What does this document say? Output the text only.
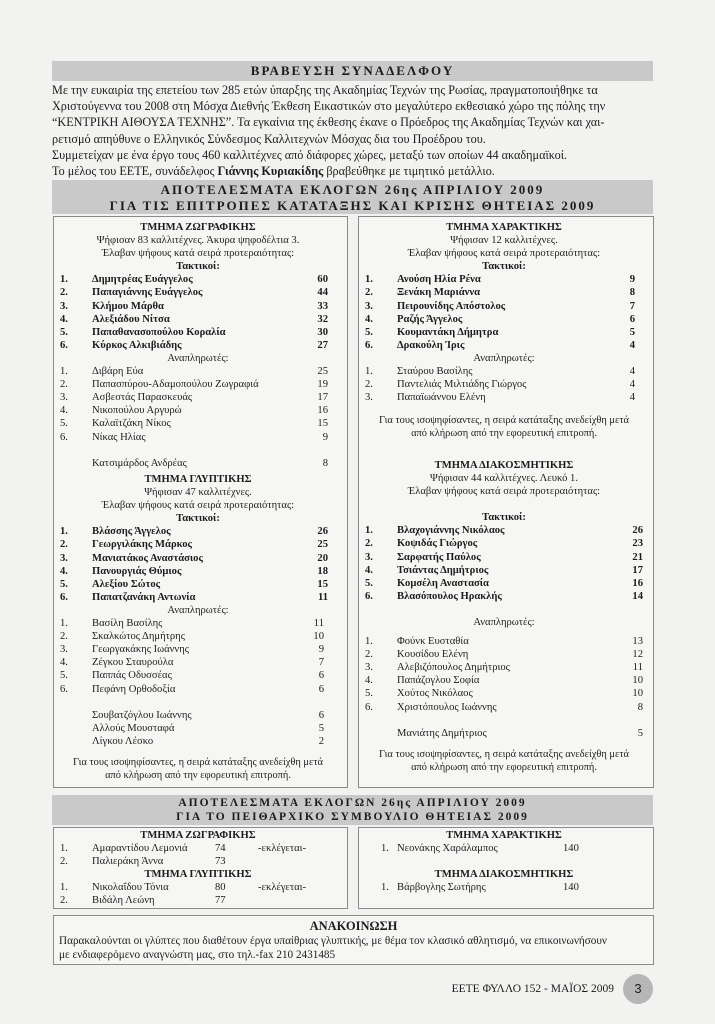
ΒΡΑΒΕΥΣΗ ΣΥΝΑΔΕΛΦΟΥ
Με την ευκαιρία της επετείου των 285 ετών ύπαρξης της Ακαδημίας Τεχνών της Ρωσίας, πραγματοποιήθηκε τα
Χριστούγεννα του 2008 στη Μόσχα Διεθνής Έκθεση Εικαστικών στο μεγαλύτερο εκθεσιακό χώρο της πόλης την
“ΚΕΝΤΡΙΚΗ ΑΙΘΟΥΣΑ ΤΕΧΝΗΣ”. Τα εγκαίνια της έκθεσης έκανε ο Πρόεδρος της Ακαδημίας Τεχνών και χαι-
ρετισμό απηύθυνε ο Ελληνικός Σύνδεσμος Καλλιτεχνών Μόσχας δια του Προέδρου του.
Συμμετείχαν με ένα έργο τους 460 καλλιτέχνες από διάφορες χώρες, μεταξύ των οποίων 44 ακαδημαϊκοί.
Το μέλος του ΕΕΤΕ, συνάδελφος Γιάννης Κυριακίδης βραβεύθηκε με τιμητικό μετάλλιο.
ΑΠΟΤΕΛΕΣΜΑΤΑ ΕΚΛΟΓΩΝ 26ης ΑΠΡΙΛΙΟΥ 2009
ΓΙΑ ΤΙΣ ΕΠΙΤΡΟΠΕΣ ΚΑΤΑΤΑΞΗΣ ΚΑΙ ΚΡΙΣΗΣ ΘΗΤΕΙΑΣ 2009
ΤΜΗΜΑ ΖΩΓΡΑΦΙΚΗΣ
Ψήφισαν 83 καλλιτέχνες. Άκυρα ψηφοδέλτια 3.
Έλαβαν ψήφους κατά σειρά προτεραιότητας:
Τακτικοί:
1. Δημητρέας Ευάγγελος	60
2. Παπαγιάννης Ευάγγελος	44
3. Κλήμου Μάρθα	33
4. Αλεξιάδου Νίτσα	32
5. Παπαθανασοπούλου Κοραλία	30
6. Κύρκος Αλκιβιάδης	27
Αναπληρωτές:
1. Διβάρη Εύα	25
2. Παπασπύρου-Αδαμοπούλου Ζωγραφιά	19
3. Ασβεστάς Παρασκευάς	17
4. Νικοπούλου Αργυρώ	16
5. Καλαϊτζάκη Νίκος	15
6. Νίκας Ηλίας	9
Κατσιμάρδος Ανδρέας	8
ΤΜΗΜΑ ΓΛΥΠΤΙΚΗΣ
Ψήφισαν 47 καλλιτέχνες.
Έλαβαν ψήφους κατά σειρά προτεραιότητας:
Τακτικοί:
1. Βλάσσης Άγγελος	26
2. Γεωργιλάκης Μάρκος	25
3. Μανιατάκος Αναστάσιος	20
4. Πανουργιάς Θύμιος	18
5. Αλεξίου Σώτος	15
6. Παπατζανάκη Αντωνία	11
Αναπληρωτές:
1. Βασίλη Βασίλης	11
2. Σκαλκώτος Δημήτρης	10
3. Γεωργακάκης Ιωάννης	9
4. Ζέγκου Σταυρούλα	7
5. Παππάς Οδυσσέας	6
6. Πεφάνη Ορθοδοξία	6
Σουβατζόγλου Ιωάννης	6
Αλλούς Μουσταφά	5
Λίγκου Λέσκο	2
Για τους ισοψηφίσαντες, η σειρά κατάταξης ανεδείχθη μετά
από κλήρωση από την εφορευτική επιτροπή.
ΤΜΗΜΑ ΧΑΡΑΚΤΙΚΗΣ
Ψήφισαν 12 καλλιτέχνες.
Έλαβαν ψήφους κατά σειρά προτεραιότητας:
Τακτικοί:
1. Ανούση Ηλία Ρένα	9
2. Ξενάκη Μαριάννα	8
3. Πειρουνίδης Απόστολος	7
4. Ραζής Άγγελος	6
5. Κουμαντάκη Δήμητρα	5
6. Δρακούλη Ίρις	4
Αναπληρωτές:
1. Σταύρου Βασίλης	4
2. Παντελιάς Μιλτιάδης Γιώργος	4
3. Παπαϊωάννου Ελένη	4
Για τους ισοψηφίσαντες, η σειρά κατάταξης ανεδείχθη μετά
από κλήρωση από την εφορευτική επιτροπή.
ΤΜΗΜΑ ΔΙΑΚΟΣΜΗΤΙΚΗΣ
Ψήφισαν 44 καλλιτέχνες. Λευκό 1.
Έλαβαν ψήφους κατά σειρά προτεραιότητας:
Τακτικοί:
1. Βλαχογιάννης Νικόλαος	26
2. Κοψιδάς Γιώργος	23
3. Σαρφατής Παύλος	21
4. Τσιάντας Δημήτριος	17
5. Κομσέλη Αναστασία	16
6. Βλασόπουλος Ηρακλής	14
Αναπληρωτές:
1. Φούνκ Ευσταθία	13
2. Κουσίδου Ελένη	12
3. Αλεβιζόπουλος Δημήτριος	11
4. Παπάζογλου Σοφία	10
5. Χούτος Νικόλαος	10
6. Χριστόπουλος Ιωάννης	8
Μανιάτης Δημήτριος	5
Για τους ισοψηφίσαντες, η σειρά κατάταξης ανεδείχθη μετά
από κλήρωση από την εφορευτική επιτροπή.
ΑΠΟΤΕΛΕΣΜΑΤΑ ΕΚΛΟΓΩΝ 26ης ΑΠΡΙΛΙΟΥ 2009
ΓΙΑ ΤΟ ΠΕΙΘΑΡΧΙΚΟ ΣΥΜΒΟΥΛΙΟ ΘΗΤΕΙΑΣ 2009
ΤΜΗΜΑ ΖΩΓΡΑΦΙΚΗΣ
1. Αμαραντίδου Λεμονιά	74	-εκλέγεται-
2. Παλιεράκη Άννα	73
ΤΜΗΜΑ ΓΛΥΠΤΙΚΗΣ
1. Νικολαΐδου Τόνια	80	-εκλέγεται-
2. Βιδάλη Λεώνη	77
ΤΜΗΜΑ ΧΑΡΑΚΤΙΚΗΣ
1. Νεονάκης Χαράλαμπος	140
ΤΜΗΜΑ ΔΙΑΚΟΣΜΗΤΙΚΗΣ
1. Βάρβογλης Σωτήρης	140
ΑΝΑΚΟΙΝΩΣΗ
Παρακαλούνται οι γλύπτες που διαθέτουν έργα υπαίθριας γλυπτικής, με θέμα τον κλασικό αθλητισμό, να επικοινωνήσουν
με ενδιαφερόμενο αναγνώστη μας, στο τηλ.-fax 210 2431485
ΕΕΤΕ ΦΥΛΛΟ 152 - ΜΑΪΟΣ 2009	3
